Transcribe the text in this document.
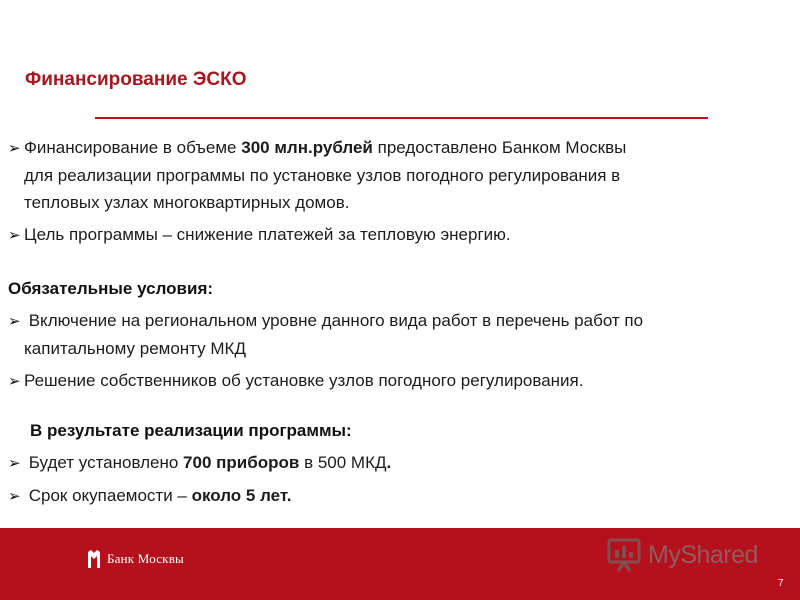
Финансирование ЭСКО
➢ Финансирование в объеме 300 млн.рублей предоставлено Банком Москвы
для реализации программы по установке узлов погодного регулирования в
тепловых узлах многоквартирных домов.
➢ Цель программы – снижение платежей за тепловую энергию.
Обязательные условия:
➢ Включение на региональном уровне данного вида работ в перечень работ по
капитальному ремонту МКД
➢ Решение собственников об установке узлов погодного регулирования.
В результате реализации программы:
➢ Будет установлено 700 приборов в 500 МКД.
➢ Срок окупаемости – около 5 лет.
Банк Москвы	MyShared
7
